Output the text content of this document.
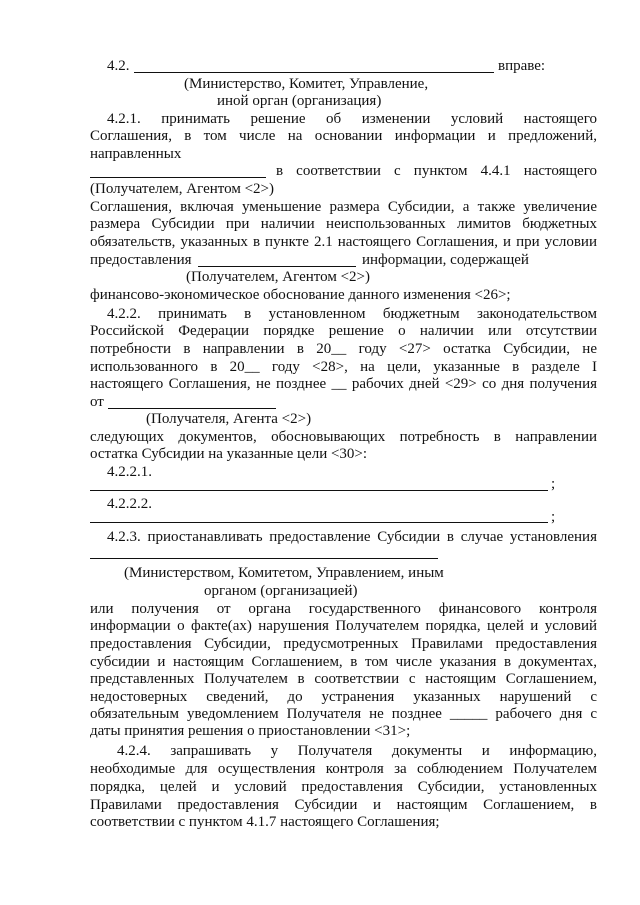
4.2.	вправе:
(Министерство, Комитет, Управление,
иной орган (организация)
4.2.1. принимать решение об изменении условий настоящего
Соглашения, в том числе на основании информации и предложений,
направленных
в соответствии с пунктом 4.4.1 настоящего
(Получателем, Агентом <2>)
Соглашения, включая уменьшение размера Субсидии, а также увеличение
размера Субсидии при наличии неиспользованных лимитов бюджетных
обязательств, указанных в пункте 2.1 настоящего Соглашения, и при условии
предоставления	информации, содержащей
(Получателем, Агентом <2>)
финансово-экономическое обоснование данного изменения <26>;
4.2.2. принимать в установленном бюджетным законодательством
Российской Федерации порядке решение о наличии или отсутствии
потребности в направлении в 20__ году <27> остатка Субсидии, не
использованного в 20__ году <28>, на цели, указанные в разделе I
настоящего Соглашения, не позднее __ рабочих дней <29> со дня получения
от
(Получателя, Агента <2>)
следующих документов, обосновывающих потребность в направлении
остатка Субсидии на указанные цели <30>:
4.2.2.1.
;
4.2.2.2.
;
4.2.3. приостанавливать предоставление Субсидии в случае установления
(Министерством, Комитетом, Управлением, иным
органом (организацией)
или получения от органа государственного финансового контроля
информации о факте(ах) нарушения Получателем порядка, целей и условий
предоставления Субсидии, предусмотренных Правилами предоставления
субсидии и настоящим Соглашением, в том числе указания в документах,
представленных Получателем в соответствии с настоящим Соглашением,
недостоверных сведений, до устранения указанных нарушений с
обязательным уведомлением Получателя не позднее _____ рабочего дня с
даты принятия решения о приостановлении <31>;
4.2.4. запрашивать у Получателя документы и информацию,
необходимые для осуществления контроля за соблюдением Получателем
порядка, целей и условий предоставления Субсидии, установленных
Правилами предоставления Субсидии и настоящим Соглашением, в
соответствии с пунктом 4.1.7 настоящего Соглашения;
